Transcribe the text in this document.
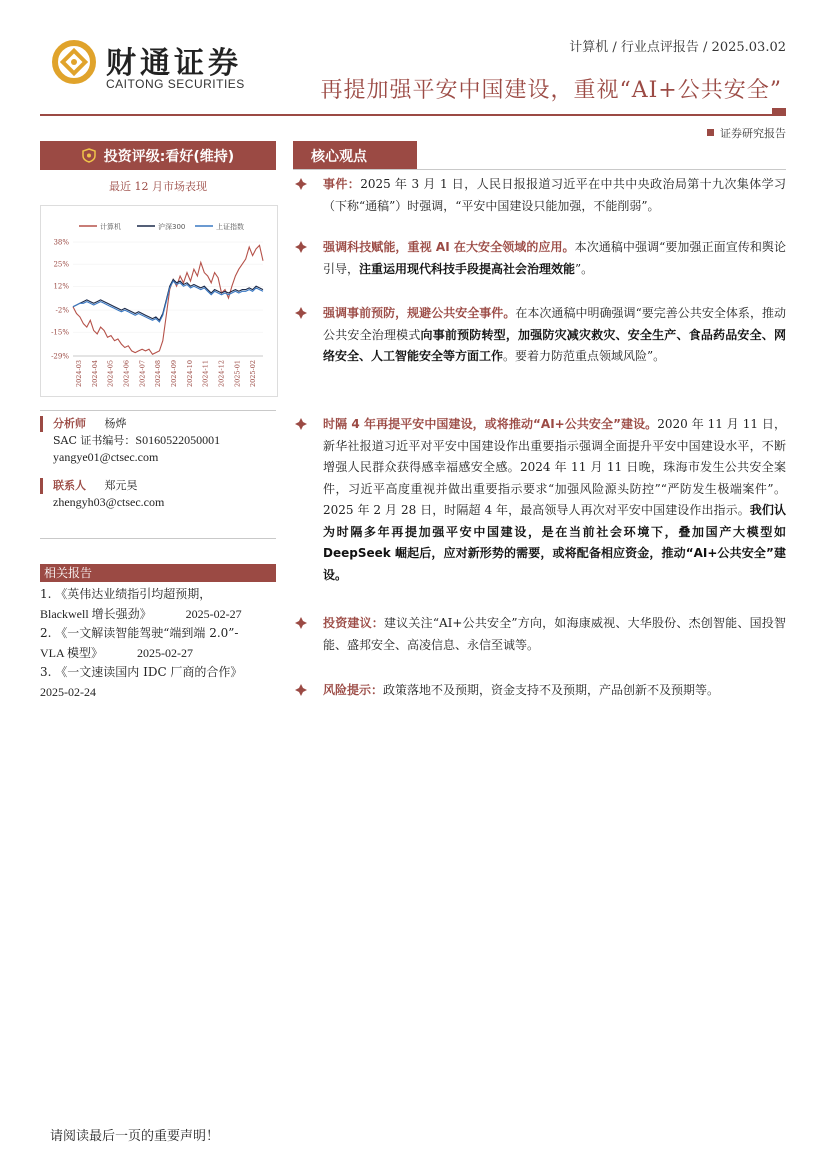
财通证券
CAITONG SECURITIES
计算机 / 行业点评报告 / 2025.03.02
再提加强平安中国建设，重视“AI+公共安全”
证券研究报告
投资评级:看好(维持)
最近 12 月市场表现
计算机	沪深300	上证指数
38%
25%
12%
-2%
-15%
-29%
2024-03 2024-04 2024-05 2024-06 2024-07 2024-08 2024-09 2024-10 2024-11 2024-12 2025-01 2025-02
分析师 杨烨
SAC 证书编号：S0160522050001
yangye01@ctsec.com
联系人 郑元昊
zhengyh03@ctsec.com
相关报告
1. 《英伟达业绩指引均超预期，
Blackwell 增长强劲》	2025-02-27
2. 《一文解读智能驾驶“端到端 2.0”-
VLA 模型》	2025-02-27
3. 《一文速读国内 IDC 厂商的合作》
2025-02-24
核心观点
事件：2025 年 3 月 1 日，人民日报报道习近平在中共中央政治局第十九次集体学习（下称“通稿”）时强调，“平安中国建设只能加强，不能削弱”。
强调科技赋能，重视 AI 在大安全领域的应用。本次通稿中强调“要加强正面宣传和舆论引导，注重运用现代科技手段提高社会治理效能”。
强调事前预防，规避公共安全事件。在本次通稿中明确强调“要完善公共安全体系，推动公共安全治理模式向事前预防转型，加强防灾减灾救灾、安全生产、食品药品安全、网络安全、人工智能安全等方面工作。要着力防范重点领域风险”。
时隔 4 年再提平安中国建设，或将推动“AI+公共安全”建设。2020 年 11 月 11 日，新华社报道习近平对平安中国建设作出重要指示强调全面提升平安中国建设水平，不断增强人民群众获得感幸福感安全感。2024 年 11 月 11 日晚，珠海市发生公共安全案件，习近平高度重视并做出重要指示要求“加强风险源头防控”“严防发生极端案件”。2025 年 2 月 28 日，时隔超 4 年，最高领导人再次对平安中国建设作出指示。我们认为时隔多年再提加强平安中国建设，是在当前社会环境下，叠加国产大模型如 DeepSeek 崛起后，应对新形势的需要，或将配备相应资金，推动“AI+公共安全”建设。
投资建议：建议关注“AI+公共安全”方向，如海康威视、大华股份、杰创智能、国投智能、盛邦安全、高凌信息、永信至诚等。
风险提示：政策落地不及预期，资金支持不及预期，产品创新不及预期等。
请阅读最后一页的重要声明！
